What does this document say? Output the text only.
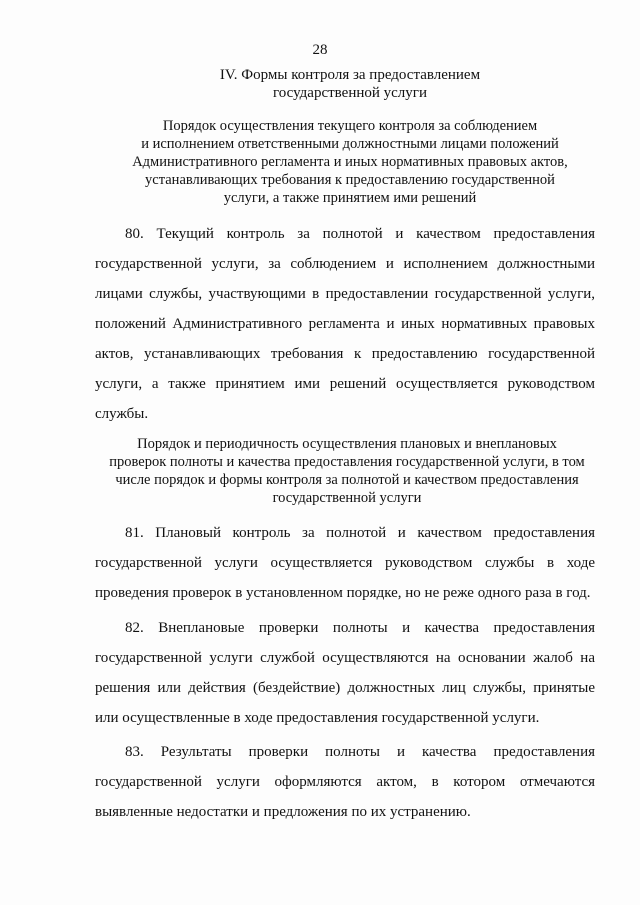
28
IV. Формы контроля за предоставлением
государственной услуги
Порядок осуществления текущего контроля за соблюдением
и исполнением ответственными должностными лицами положений
Административного регламента и иных нормативных правовых актов,
устанавливающих требования к предоставлению государственной
услуги, а также принятием ими решений
80. Текущий контроль за полнотой и качеством предоставления
государственной услуги, за соблюдением и исполнением должностными
лицами службы, участвующими в предоставлении государственной услуги,
положений Административного регламента и иных нормативных правовых
актов, устанавливающих требования к предоставлению государственной
услуги, а также принятием ими решений осуществляется руководством
службы.
Порядок и периодичность осуществления плановых и внеплановых
проверок полноты и качества предоставления государственной услуги, в том
числе порядок и формы контроля за полнотой и качеством предоставления
государственной услуги
81. Плановый контроль за полнотой и качеством предоставления
государственной услуги осуществляется руководством службы в ходе
проведения проверок в установленном порядке, но не реже одного раза в год.
82. Внеплановые проверки полноты и качества предоставления
государственной услуги службой осуществляются на основании жалоб на
решения или действия (бездействие) должностных лиц службы, принятые
или осуществленные в ходе предоставления государственной услуги.
83. Результаты проверки полноты и качества предоставления
государственной услуги оформляются актом, в котором отмечаются
выявленные недостатки и предложения по их устранению.
